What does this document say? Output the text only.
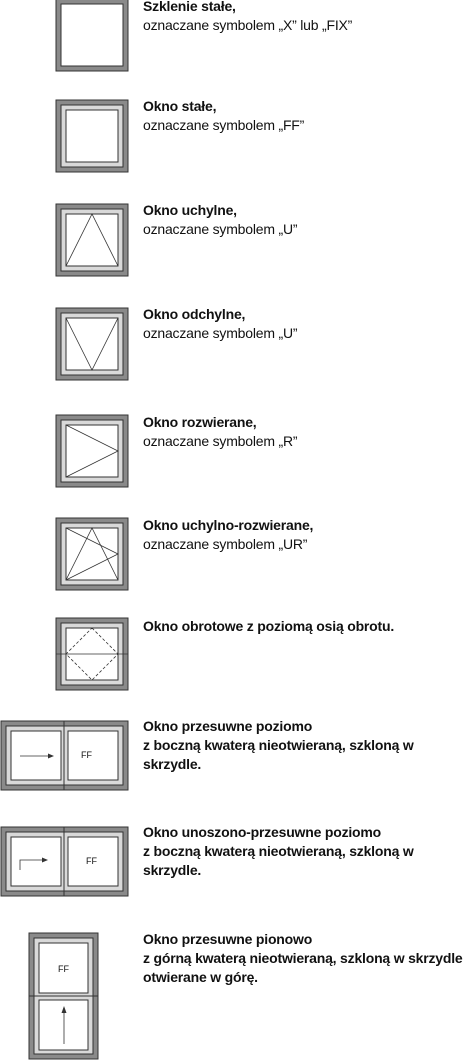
Szklenie stałe,
oznaczane symbolem „X” lub „FIX”
Okno stałe,
oznaczane symbolem „FF”
Okno uchylne,
oznaczane symbolem „U”
Okno odchylne,
oznaczane symbolem „U”
Okno rozwierane,
oznaczane symbolem „R”
Okno uchylno-rozwierane,
oznaczane symbolem „UR”
Okno obrotowe z poziomą osią obrotu.
FF
Okno przesuwne poziomo
z boczną kwaterą nieotwieraną, szkloną w skrzydle.
FF
Okno unoszono-przesuwne poziomo
z boczną kwaterą nieotwieraną, szkloną w skrzydle.
FF
Okno przesuwne pionowo
z górną kwaterą nieotwieraną, szkloną w skrzydle
otwierane w górę.
